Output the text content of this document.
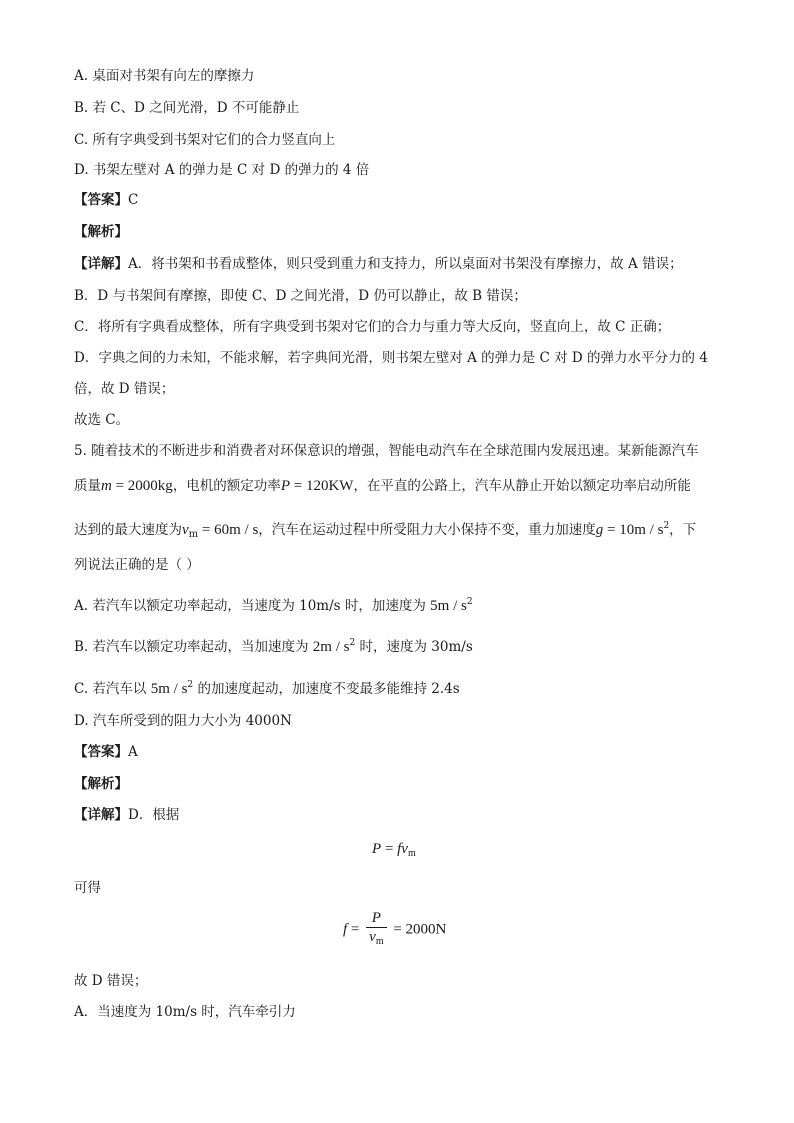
A. 桌面对书架有向左的摩擦力
B. 若 C、D 之间光滑，D 不可能静止
C. 所有字典受到书架对它们的合力竖直向上
D. 书架左壁对 A 的弹力是 C 对 D 的弹力的 4 倍
【答案】C
【解析】
【详解】A．将书架和书看成整体，则只受到重力和支持力，所以桌面对书架没有摩擦力，故 A 错误；
B．D 与书架间有摩擦，即使 C、D 之间光滑，D 仍可以静止，故 B 错误；
C．将所有字典看成整体，所有字典受到书架对它们的合力与重力等大反向，竖直向上，故 C 正确；
D．字典之间的力未知，不能求解，若字典间光滑，则书架左壁对 A 的弹力是 C 对 D 的弹力水平分力的 4
倍，故 D 错误；
故选 C。
5. 随着技术的不断进步和消费者对环保意识的增强，智能电动汽车在全球范围内发展迅速。某新能源汽车
质量m = 2000kg，电机的额定功率P = 120KW，在平直的公路上，汽车从静止开始以额定功率启动所能
达到的最大速度为$v_m = 60m / s$，汽车在运动过程中所受阻力大小保持不变，重力加速度$g = 10m / s^2$，下
列说法正确的是（ ）
A. 若汽车以额定功率起动，当速度为 10m/s 时，加速度为 $5m / s^2$
B. 若汽车以额定功率起动，当加速度为 $2m / s^2$ 时，速度为 30m/s
C. 若汽车以 $5m / s^2$ 的加速度起动，加速度不变最多能维持 2.4s
D. 汽车所受到的阻力大小为 4000N
【答案】A
【解析】
【详解】D．根据
$P = fv_m$
可得
$f = \frac{P}{v_m} = 2000N$
故 D 错误；
A．当速度为 10m/s 时，汽车牵引力
